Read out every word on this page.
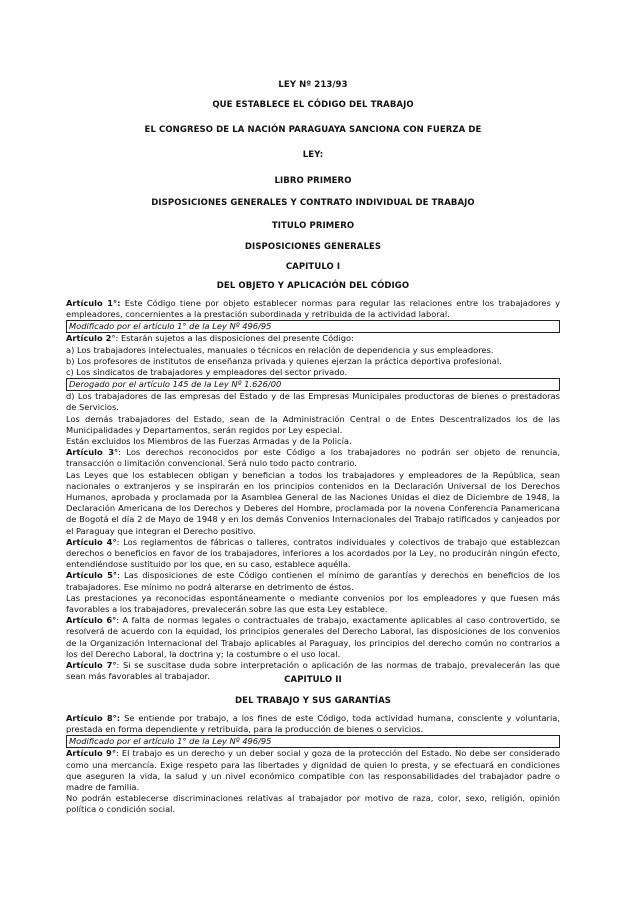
LEY Nº 213/93
QUE ESTABLECE EL CÓDIGO DEL TRABAJO
EL CONGRESO DE LA NACIÓN PARAGUAYA SANCIONA CON FUERZA DE
LEY:
LIBRO PRIMERO
DISPOSICIONES GENERALES Y CONTRATO INDIVIDUAL DE TRABAJO
TITULO PRIMERO
DISPOSICIONES GENERALES
CAPITULO I
DEL OBJETO Y APLICACIÓN DEL CÓDIGO

Artículo 1°: Este Código tiene por objeto establecer normas para regular las relaciones entre los trabajadores y empleadores, concernientes a la prestación subordinada y retribuida de la actividad laboral.

Modificado por el artículo 1° de la Ley Nº 496/95

Artículo 2°: Estarán sujetos a las disposiciones del presente Código:

a) Los trabajadores intelectuales, manuales o técnicos en relación de dependencia y sus empleadores.

b) Los profesores de institutos de enseñanza privada y quienes ejerzan la práctica deportiva profesional.

c) Los sindicatos de trabajadores y empleadores del sector privado.

Derogado por el artículo 145 de la Ley Nº 1.626/00

d) Los trabajadores de las empresas del Estado y de las Empresas Municipales productoras de bienes o prestadoras de Servicios.

Los demás trabajadores del Estado, sean de la Administración Central o de Entes Descentralizados los de las Municipalidades y Departamentos, serán regidos por Ley especial.

Están excluidos los Miembros de las Fuerzas Armadas y de la Policía.

Artículo 3°: Los derechos reconocidos por este Código a los trabajadores no podrán ser objeto de renuncia, transacción o limitación convencional. Será nulo todo pacto contrario.

Las Leyes que los establecen obligan y benefician a todos los trabajadores y empleadores de la República, sean nacionales o extranjeros y se inspirarán en los principios contenidos en la Declaración Universal de los Derechos Humanos, aprobada y proclamada por la Asamblea General de las Naciones Unidas el diez de Diciembre de 1948, la Declaración Americana de los Derechos y Deberes del Hombre, proclamada por la novena Conferencia Panamericana de Bogotá el día 2 de Mayo de 1948 y en los demás Convenios Internacionales del Trabajo ratificados y canjeados por el Paraguay que integran el Derecho positivo.

Artículo 4°: Los reglamentos de fábricas o talleres, contratos individuales y colectivos de trabajo que establezcan derechos o beneficios en favor de los trabajadores, inferiores a los acordados por la Ley, no producirán ningún efecto, entendiéndose sustituido por los que, en su caso, establece aquélla.

Artículo 5°: Las disposiciones de este Código contienen el mínimo de garantías y derechos en beneficios de los trabajadores. Ese mínimo no podrá alterarse en detrimento de éstos.

Las prestaciones ya reconocidas espontáneamente o mediante convenios por los empleadores y que fuesen más favorables a los trabajadores, prevalecerán sobre las que esta Ley establece.

Artículo 6°: A falta de normas legales o contractuales de trabajo, exactamente aplicables al caso controvertido, se resolverá de acuerdo con la equidad, los principios generales del Derecho Laboral, las disposiciones de los convenios de la Organización Internacional del Trabajo aplicables al Paraguay, los principios del derecho común no contrarios a los del Derecho Laboral, la doctrina y; la costumbre o el uso local.

Artículo 7°: Si se suscitase duda sobre interpretación o aplicación de las normas de trabajo, prevalecerán las que sean más favorables al trabajador.	CAPITULO II
DEL TRABAJO Y SUS GARANTÍAS

Artículo 8°: Se entiende por trabajo, a los fines de este Código, toda actividad humana, consciente y voluntaria, prestada en forma dependiente y retribuida, para la producción de bienes o servicios.

Modificado por el artículo 1° de la Ley Nº 496/95

Artículo 9°: El trabajo es un derecho y un deber social y goza de la protección del Estado. No debe ser considerado como una mercancía. Exige respeto para las libertades y dignidad de quien lo presta, y se efectuará en condiciones que aseguren la vida, la salud y un nivel económico compatible con las responsabilidades del trabajador padre o madre de familia.

No podrán establecerse discriminaciones relativas al trabajador por motivo de raza, color, sexo, religión, opinión política o condición social.
